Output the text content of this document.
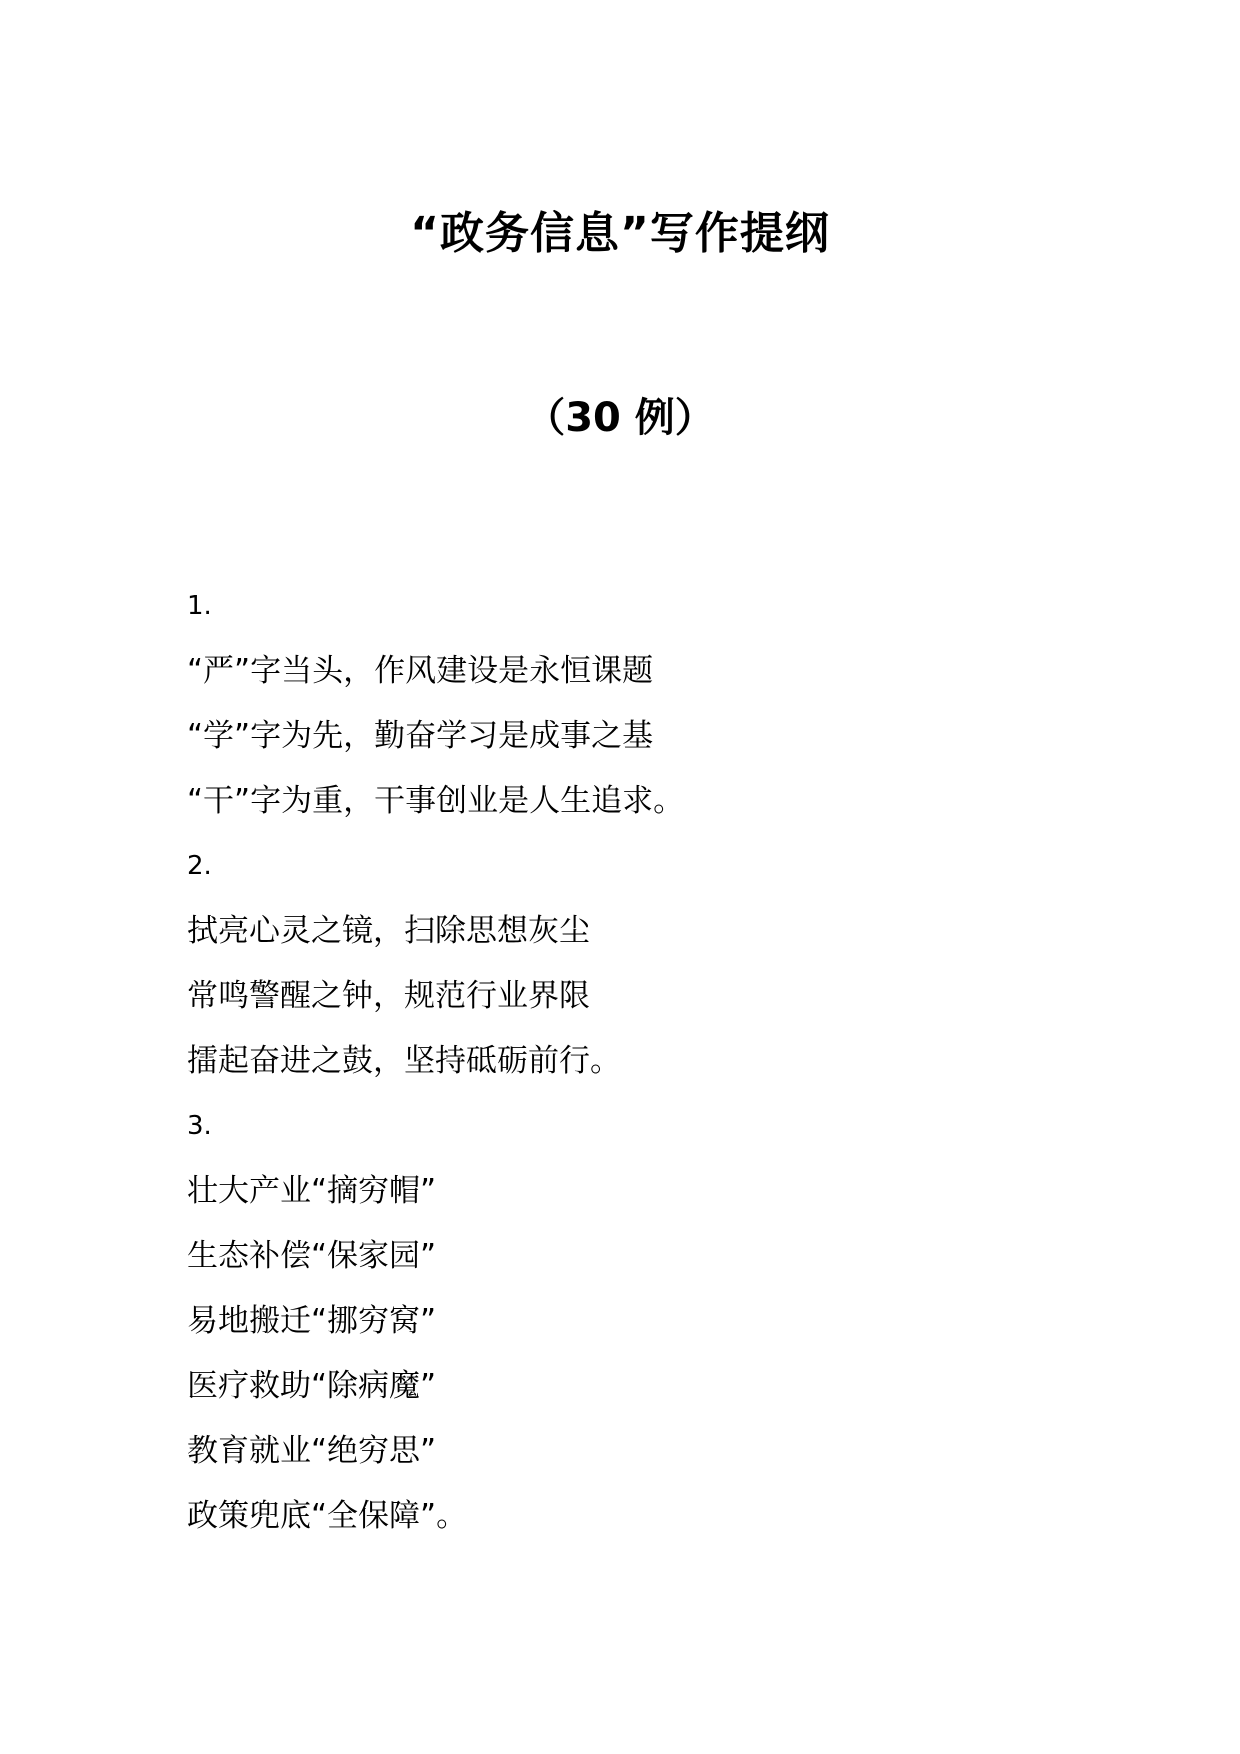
“政务信息”写作提纲
（30 例）
1.
“严”字当头，作风建设是永恒课题
“学”字为先，勤奋学习是成事之基
“干”字为重，干事创业是人生追求。
2.
拭亮心灵之镜，扫除思想灰尘
常鸣警醒之钟，规范行业界限
擂起奋进之鼓，坚持砥砺前行。
3.
壮大产业“摘穷帽”
生态补偿“保家园”
易地搬迁“挪穷窝”
医疗救助“除病魔”
教育就业“绝穷思”
政策兜底“全保障”。
